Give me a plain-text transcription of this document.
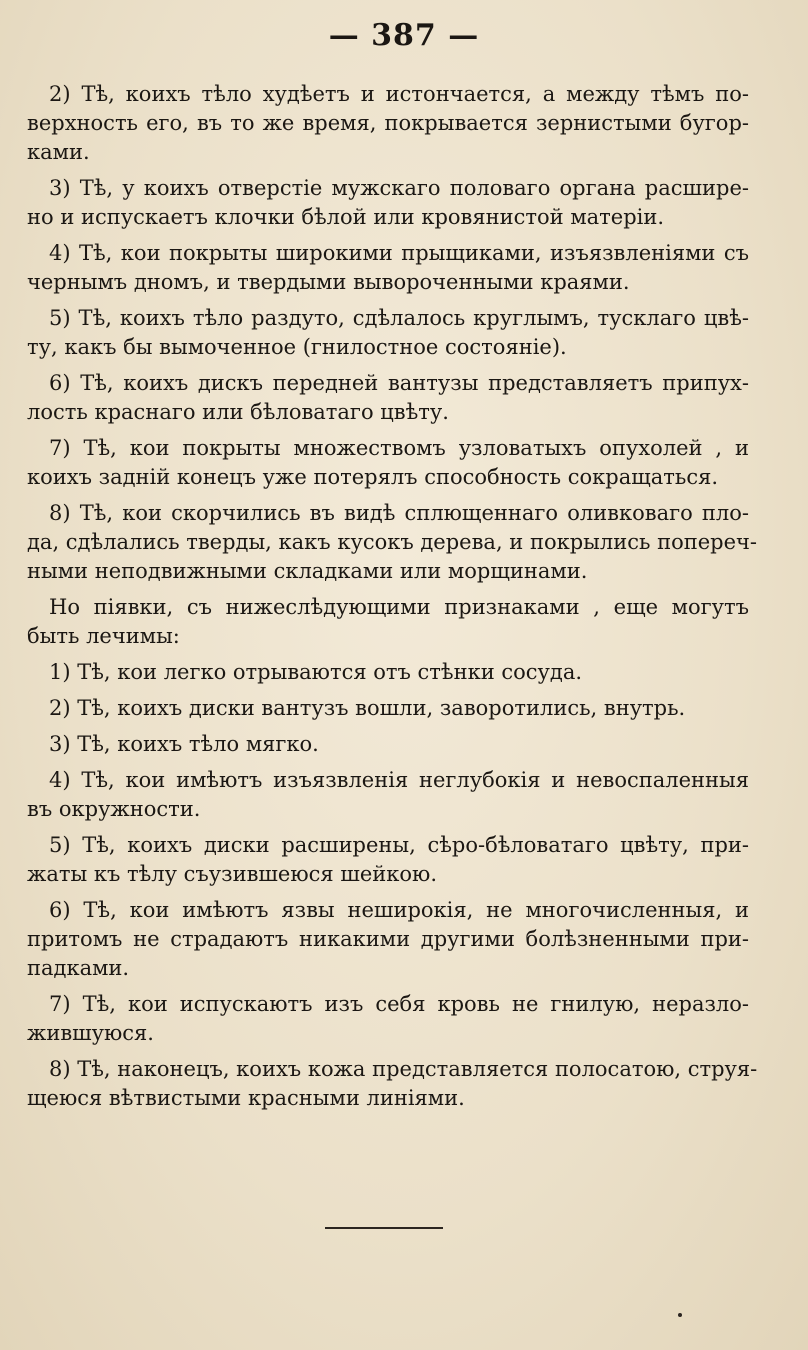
— 387 —
2) Тѣ, коихъ тѣло худѣетъ и истончается, а между тѣмъ по-
верхность его, въ то же время, покрывается зернистыми бугор-
ками.
3) Тѣ, у коихъ отверстіе мужскаго половаго органа расшире-
но и испускаетъ клочки бѣлой или кровянистой матеріи.
4) Тѣ, кои покрыты широкими прыщиками, изъязвленіями съ
чернымъ дномъ, и твердыми вывороченными краями.
5) Тѣ, коихъ тѣло раздуто, сдѣлалось круглымъ, тусклаго цвѣ-
ту, какъ бы вымоченное (гнилостное состояніе).
6) Тѣ, коихъ дискъ передней вантузы представляетъ припух-
лость краснаго или бѣловатаго цвѣту.
7) Тѣ, кои покрыты множествомъ узловатыхъ опухолей , и
коихъ задній конецъ уже потерялъ способность сокращаться.
8) Тѣ, кои скорчились въ видѣ сплющеннаго оливковаго пло-
да, сдѣлались тверды, какъ кусокъ дерева, и покрылись попереч-
ными неподвижными складками или морщинами.
Но піявки, съ нижеслѣдующими признаками , еще могутъ
быть лечимы:
1) Тѣ, кои легко отрываются отъ стѣнки сосуда.
2) Тѣ, коихъ диски вантузъ вошли, заворотились, внутрь.
3) Тѣ, коихъ тѣло мягко.
4) Тѣ, кои имѣютъ изъязвленія неглубокія и невоспаленныя
въ окружности.
5) Тѣ, коихъ диски расширены, сѣро-бѣловатаго цвѣту, при-
жаты къ тѣлу съузившеюся шейкою.
6) Тѣ, кои имѣютъ язвы неширокія, не многочисленныя, и
притомъ не страдаютъ никакими другими болѣзненными при-
падками.
7) Тѣ, кои испускаютъ изъ себя кровь не гнилую, неразло-
жившуюся.
8) Тѣ, наконецъ, коихъ кожа представляется полосатою, струя-
щеюся вѣтвистыми красными линіями.
